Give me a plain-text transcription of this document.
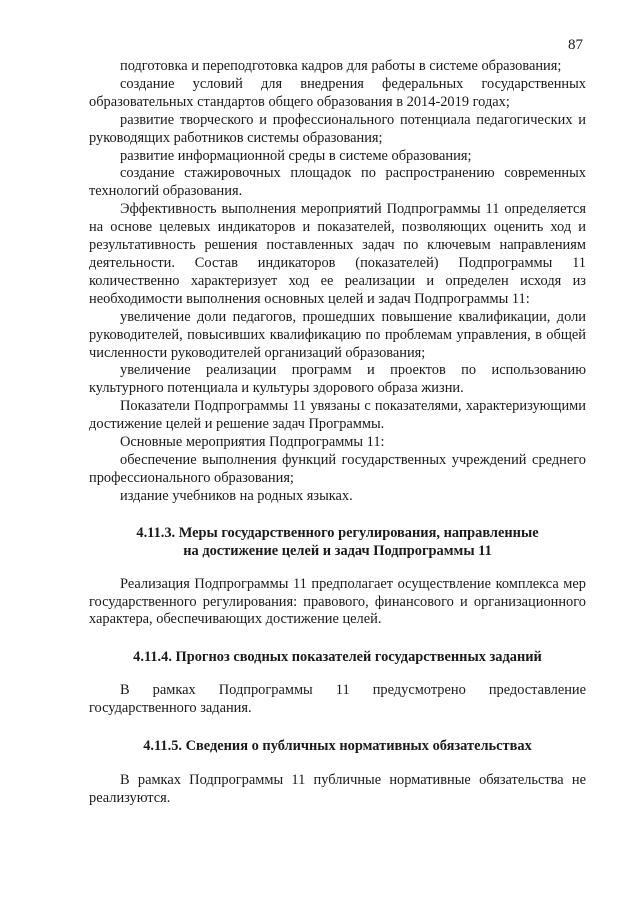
87

подготовка и переподготовка кадров для работы в системе образования;

создание условий для внедрения федеральных государственных образовательных стандартов общего образования в 2014-2019 годах;

развитие творческого и профессионального потенциала педагогических и руководящих работников системы образования;

развитие информационной среды в системе образования;

создание стажировочных площадок по распространению современных технологий образования.

Эффективность выполнения мероприятий Подпрограммы 11 определяется на основе целевых индикаторов и показателей, позволяющих оценить ход и результативность решения поставленных задач по ключевым направлениям деятельности. Состав индикаторов (показателей) Подпрограммы 11 количественно характеризует ход ее реализации и определен исходя из необходимости выполнения основных целей и задач Подпрограммы 11:

увеличение доли педагогов, прошедших повышение квалификации, доли руководителей, повысивших квалификацию по проблемам управления, в общей численности руководителей организаций образования;

увеличение реализации программ и проектов по использованию культурного потенциала и культуры здорового образа жизни.

Показатели Подпрограммы 11 увязаны с показателями, характеризующими достижение целей и решение задач Программы.

Основные мероприятия Подпрограммы 11:

обеспечение выполнения функций государственных учреждений среднего профессионального образования;

издание учебников на родных языках.

4.11.3. Меры государственного регулирования, направленные
на достижение целей и задач Подпрограммы 11

Реализация Подпрограммы 11 предполагает осуществление комплекса мер государственного регулирования: правового, финансового и организационного характера, обеспечивающих достижение целей.

4.11.4. Прогноз сводных показателей государственных заданий

В рамках Подпрограммы 11 предусмотрено предоставление государственного задания.

4.11.5. Сведения о публичных нормативных обязательствах

В рамках Подпрограммы 11 публичные нормативные обязательства не реализуются.
